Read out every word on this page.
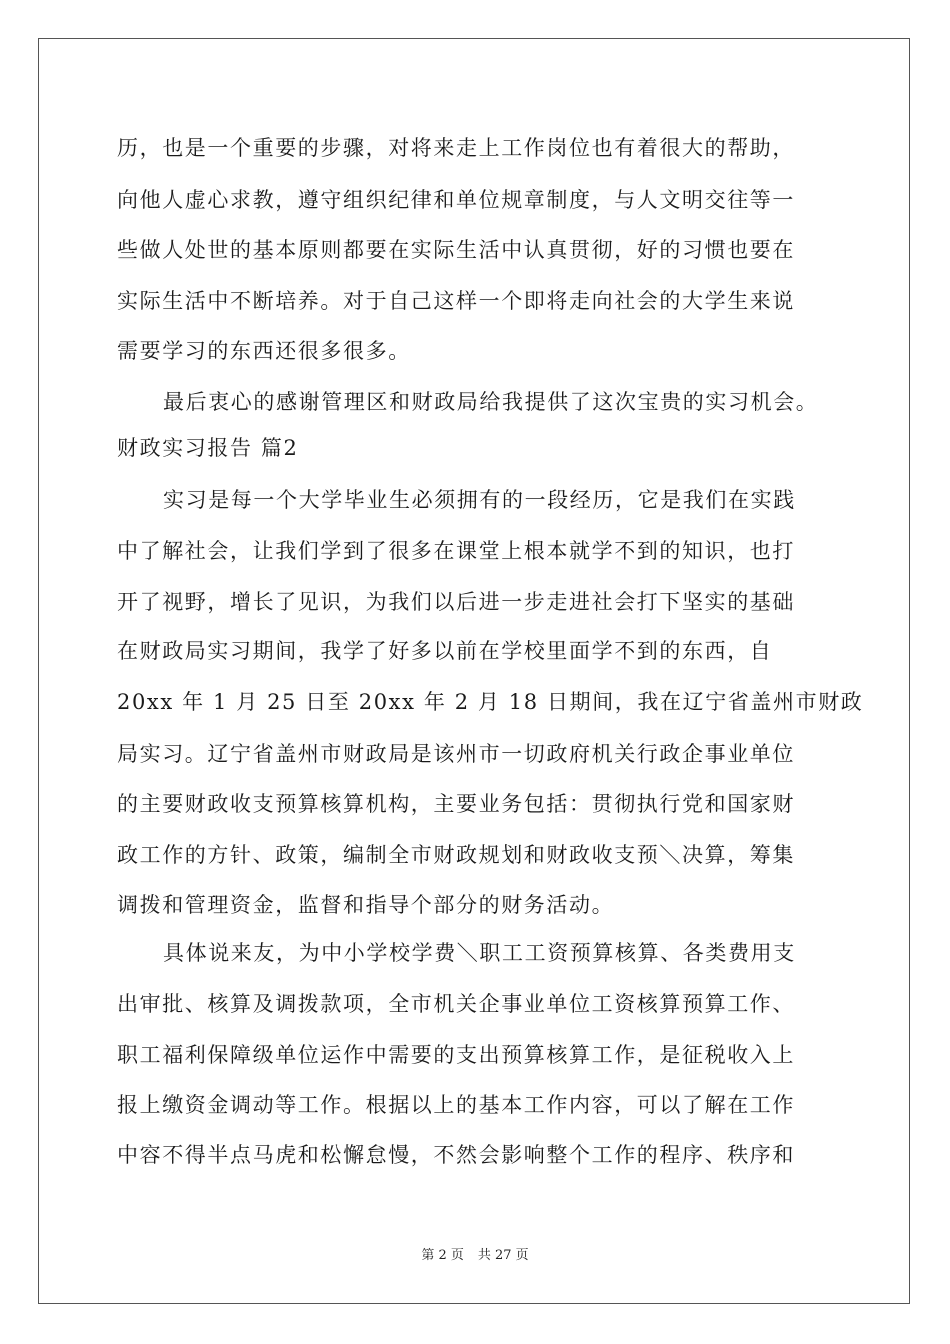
历，也是一个重要的步骤，对将来走上工作岗位也有着很大的帮助，
向他人虚心求教，遵守组织纪律和单位规章制度，与人文明交往等一
些做人处世的基本原则都要在实际生活中认真贯彻，好的习惯也要在
实际生活中不断培养。对于自己这样一个即将走向社会的大学生来说
需要学习的东西还很多很多。
最后衷心的感谢管理区和财政局给我提供了这次宝贵的实习机会。
财政实习报告 篇2
实习是每一个大学毕业生必须拥有的一段经历，它是我们在实践
中了解社会，让我们学到了很多在课堂上根本就学不到的知识，也打
开了视野，增长了见识，为我们以后进一步走进社会打下坚实的基础
在财政局实习期间，我学了好多以前在学校里面学不到的东西，自
20xx 年 1 月 25 日至 20xx 年 2 月 18 日期间，我在辽宁省盖州市财政
局实习。辽宁省盖州市财政局是该州市一切政府机关行政企事业单位
的主要财政收支预算核算机构，主要业务包括：贯彻执行党和国家财
政工作的方针、政策，编制全市财政规划和财政收支预＼决算，筹集
调拨和管理资金，监督和指导个部分的财务活动。
具体说来友，为中小学校学费＼职工工资预算核算、各类费用支
出审批、核算及调拨款项，全市机关企事业单位工资核算预算工作、
职工福利保障级单位运作中需要的支出预算核算工作，是征税收入上
报上缴资金调动等工作。根据以上的基本工作内容，可以了解在工作
中容不得半点马虎和松懈怠慢，不然会影响整个工作的程序、秩序和
第 2 页 共 27 页
